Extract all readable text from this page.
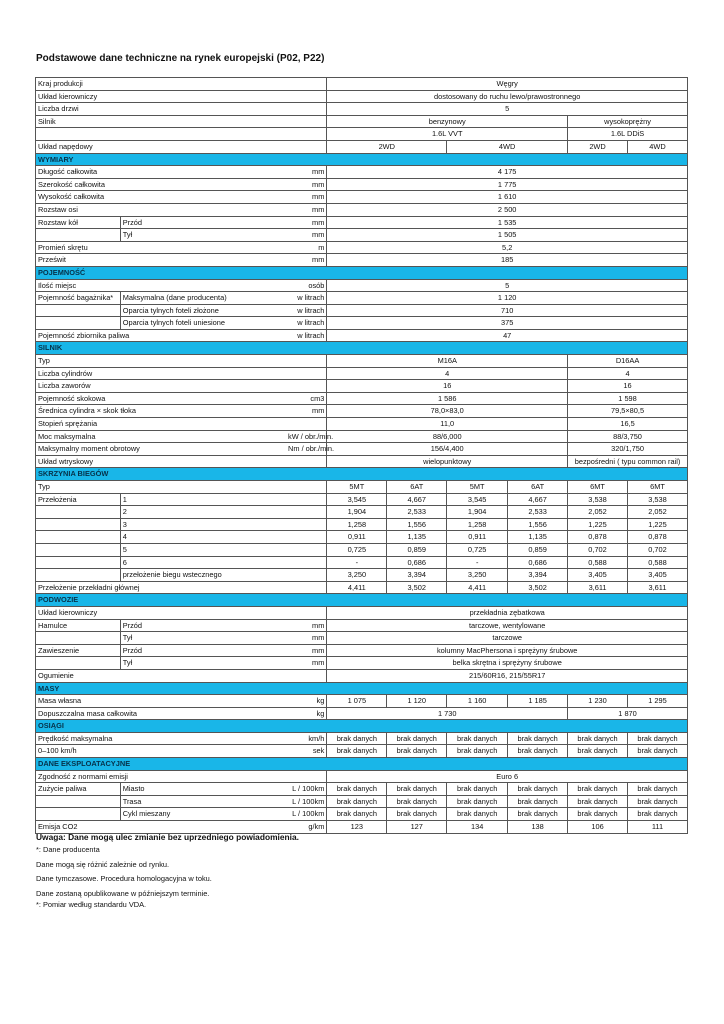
Podstawowe dane techniczne na rynek europejski (P02, P22)
Kraj produkcji			Węgry					
Układ kierowniczy			dostosowany do ruchu lewo/prawostronnego					
Liczba drzwi			5					
Silnik			benzynowy				wysokoprężny	
			1.6L VVT				1.6L DDiS	
Układ napędowy			2WD		4WD		2WD	4WD
WYMIARY								
Długość całkowita		mm	4 175					
Szerokość całkowita		mm	1 775					
Wysokość całkowita		mm	1 610					
Rozstaw osi		mm	2 500					
Rozstaw kół	Przód	mm	1 535					
	Tył	mm	1 505					
Promień skrętu		m	5,2					
Prześwit		mm	185					
POJEMNOŚĆ								
Ilość miejsc		osób	5					
Pojemność bagażnika*	Maksymalna (dane producenta)	w litrach	1 120					
	Oparcia tylnych foteli złożone	w litrach	710					
	Oparcia tylnych foteli uniesione	w litrach	375					
Pojemność zbiornika paliwa		w litrach	47					
SILNIK								
Typ			M16A				D16AA	
Liczba cylindrów			4				4	
Liczba zaworów			16				16	
Pojemność skokowa		cm3	1 586				1 598	
Średnica cylindra × skok tłoka		mm	78,0×83,0				79,5×80,5	
Stopień sprężania			11,0				16,5	
Moc maksymalna		kW / obr./min.	88/6,000				88/3,750	
Maksymalny moment obrotowy		Nm / obr./min.	156/4,400				320/1,750	
Układ wtryskowy			wielopunktowy				bezpośredni ( typu common rail)	
SKRZYNIA BIEGÓW								
Typ			5MT	6AT	5MT	6AT	6MT	6MT
Przełożenia	1		3,545	4,667	3,545	4,667	3,538	3,538
	2		1,904	2,533	1,904	2,533	2,052	2,052
	3		1,258	1,556	1,258	1,556	1,225	1,225
	4		0,911	1,135	0,911	1,135	0,878	0,878
	5		0,725	0,859	0,725	0,859	0,702	0,702
	6		-	0,686	-	0,686	0,588	0,588
	przełożenie biegu wstecznego		3,250	3,394	3,250	3,394	3,405	3,405
Przełożenie przekładni głównej			4,411	3,502	4,411	3,502	3,611	3,611
PODWOZIE								
Układ kierowniczy			przekładnia zębatkowa					
Hamulce	Przód	mm	tarczowe, wentylowane					
	Tył	mm	tarczowe					
Zawieszenie	Przód	mm	kolumny MacPhersona i sprężyny śrubowe					
	Tył	mm	belka skrętna i sprężyny śrubowe					
Ogumienie			215/60R16, 215/55R17					
MASY								
Masa własna		kg	1 075	1 120	1 160	1 185	1 230	1 295
Dopuszczalna masa całkowita		kg	1 730				1 870	
OSIĄGI								
Prędkość maksymalna		km/h	brak danych	brak danych	brak danych	brak danych	brak danych	brak danych
0–100 km/h		sek	brak danych	brak danych	brak danych	brak danych	brak danych	brak danych
DANE EKSPLOATACYJNE								
Zgodność z normami emisji			Euro 6					
Zużycie paliwa	Miasto	L / 100km	brak danych	brak danych	brak danych	brak danych	brak danych	brak danych
	Trasa	L / 100km	brak danych	brak danych	brak danych	brak danych	brak danych	brak danych
	Cykl mieszany	L / 100km	brak danych	brak danych	brak danych	brak danych	brak danych	brak danych
Emisja CO2		g/km	123	127	134	138	106	111
Uwaga: Dane mogą ulec zmianie bez uprzedniego powiadomienia.
*: Dane producenta
Dane mogą się różnić zależnie od rynku.
Dane tymczasowe. Procedura homologacyjna w toku.
Dane zostaną opublikowane w późniejszym terminie.
*: Pomiar według standardu VDA.
